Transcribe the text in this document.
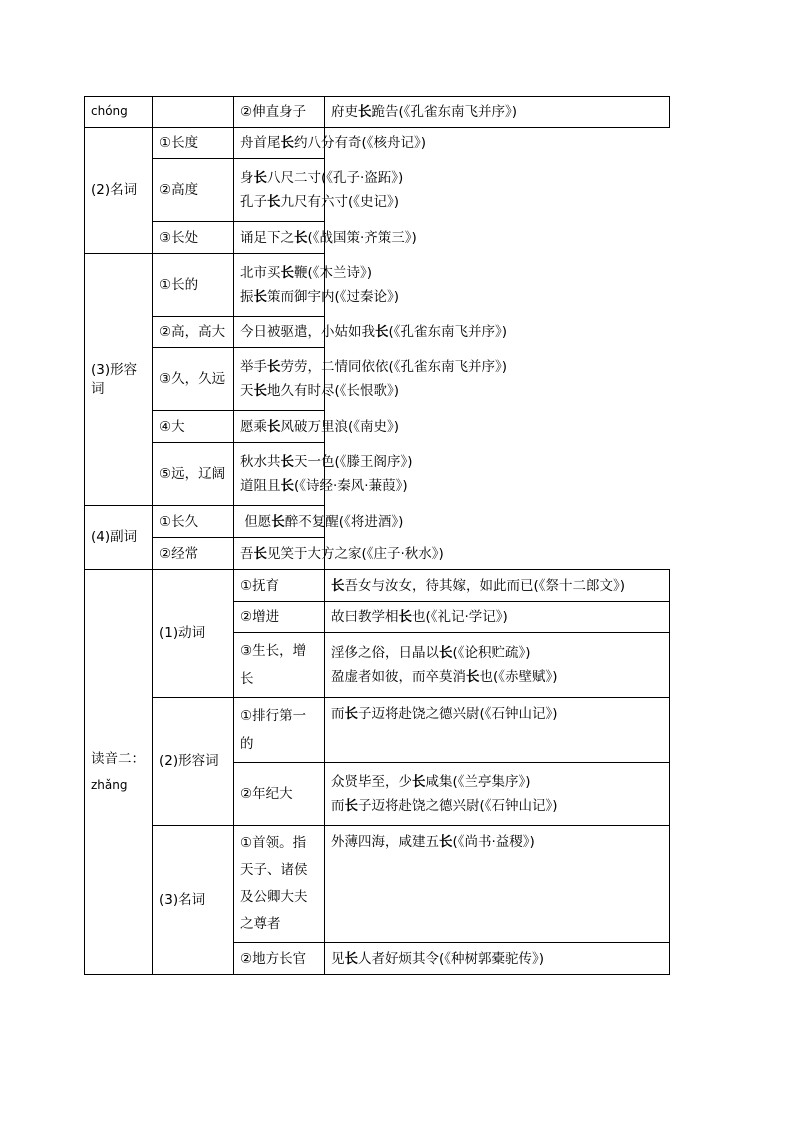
chóng		②伸直身子	府吏长跪告(《孔雀东南飞并序》)

(2)名词	①长度	舟首尾长约八分有奇(《核舟记》)	

	②高度	身长八尺二寸(《孔子·盗跖》)
孔子长九尺有六寸(《史记》)	

	③长处	诵足下之长(《战国策·齐策三》)	

(3)形容词	①长的	北市买长鞭(《木兰诗》)
振长策而御宇内(《过秦论》)	

	②高，高大	今日被驱遣，小姑如我长(《孔雀东南飞并序》)	

	③久，久远	举手长劳劳，二情同依依(《孔雀东南飞并序》)
天长地久有时尽(《长恨歌》)	

	④大	愿乘长风破万里浪(《南史》)	

	⑤远，辽阔	秋水共长天一色(《滕王阁序》)
道阻且长(《诗经·秦风·蒹葭》)	

(4)副词	①长久	但愿长醉不复醒(《将进酒》)	

	②经常	吾长见笑于大方之家(《庄子·秋水》)	

读音二：
zhǎng	(1)动词	①抚育	长吾女与汝女，待其嫁，如此而已(《祭十二郎文》)

		②增进	故曰教学相长也(《礼记·学记》)

		③生长，增长	淫侈之俗，日晶以长(《论积贮疏》)
盈虚者如彼，而卒莫消长也(《赤壁赋》)

	(2)形容词	①排行第一的	而长子迈将赴饶之德兴尉(《石钟山记》)

		②年纪大	众贤毕至，少长咸集(《兰亭集序》)
而长子迈将赴饶之德兴尉(《石钟山记》)

	(3)名词	①首领。指天子、诸侯及公卿大夫之尊者	外薄四海，咸建五长(《尚书·益稷》)

		②地方长官	见长人者好烦其令(《种树郭橐驼传》)
